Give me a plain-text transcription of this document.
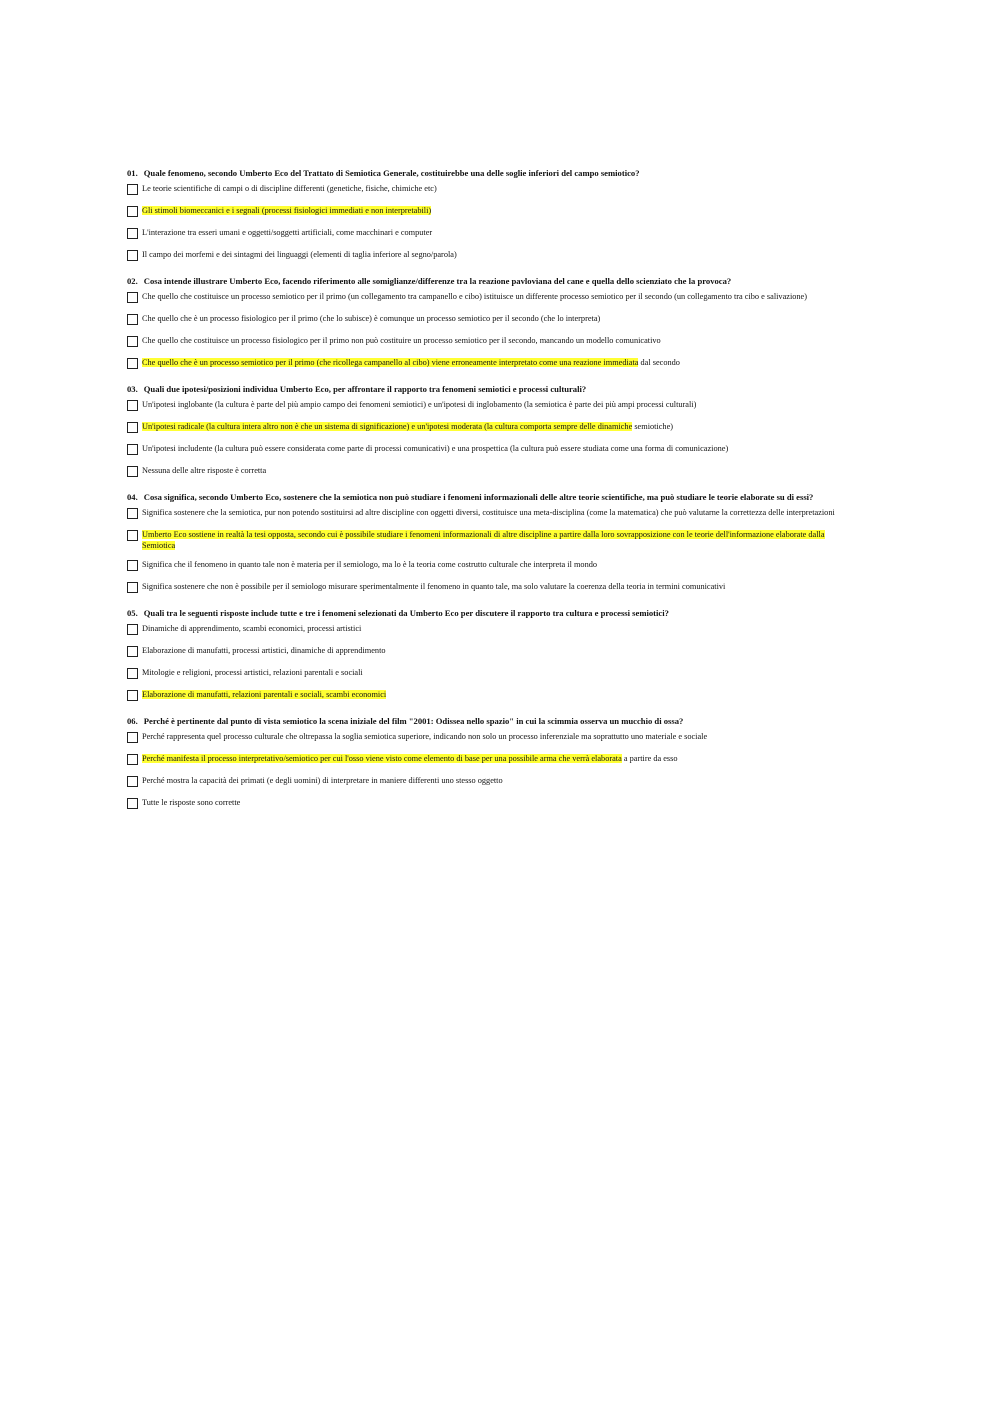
01. Quale fenomeno, secondo Umberto Eco del Trattato di Semiotica Generale, costituirebbe una delle soglie inferiori del campo semiotico?

Le teorie scientifiche di campi o di discipline differenti (genetiche, fisiche, chimiche etc)
Gli stimoli biomeccanici e i segnali (processi fisiologici immediati e non interpretabili)
L'interazione tra esseri umani e oggetti/soggetti artificiali, come macchinari e computer
Il campo dei morfemi e dei sintagmi dei linguaggi (elementi di taglia inferiore al segno/parola)

02. Cosa intende illustrare Umberto Eco, facendo riferimento alle somiglianze/differenze tra la reazione pavloviana del cane e quella dello scienziato che la provoca?

Che quello che costituisce un processo semiotico per il primo (un collegamento tra campanello e cibo) istituisce un differente processo semiotico per il secondo (un collegamento tra cibo e salivazione)
Che quello che è un processo fisiologico per il primo (che lo subisce) è comunque un processo semiotico per il secondo (che lo interpreta)
Che quello che costituisce un processo fisiologico per il primo non può costituire un processo semiotico per il secondo, mancando un modello comunicativo
Che quello che è un processo semiotico per il primo (che ricollega campanello al cibo) viene erroneamente interpretato come una reazione immediata dal secondo

03. Quali due ipotesi/posizioni individua Umberto Eco, per affrontare il rapporto tra fenomeni semiotici e processi culturali?

Un'ipotesi inglobante (la cultura è parte del più ampio campo dei fenomeni semiotici) e un'ipotesi di inglobamento (la semiotica è parte dei più ampi processi culturali)
Un'ipotesi radicale (la cultura intera altro non è che un sistema di significazione) e un'ipotesi moderata (la cultura comporta sempre delle dinamiche semiotiche)
Un'ipotesi includente (la cultura può essere considerata come parte di processi comunicativi) e una prospettica (la cultura può essere studiata come una forma di comunicazione)
Nessuna delle altre risposte è corretta

04. Cosa significa, secondo Umberto Eco, sostenere che la semiotica non può studiare i fenomeni informazionali delle altre teorie scientifiche, ma può studiare le teorie elaborate su di essi?

Significa sostenere che la semiotica, pur non potendo sostituirsi ad altre discipline con oggetti diversi, costituisce una meta-disciplina (come la matematica) che può valutarne la correttezza delle interpretazioni
Umberto Eco sostiene in realtà la tesi opposta, secondo cui è possibile studiare i fenomeni informazionali di altre discipline a partire dalla loro sovrapposizione con le teorie dell'informazione elaborate dalla Semiotica
Significa che il fenomeno in quanto tale non è materia per il semiologo, ma lo è la teoria come costrutto culturale che interpreta il mondo
Significa sostenere che non è possibile per il semiologo misurare sperimentalmente il fenomeno in quanto tale, ma solo valutare la coerenza della teoria in termini comunicativi

05. Quali tra le seguenti risposte include tutte e tre i fenomeni selezionati da Umberto Eco per discutere il rapporto tra cultura e processi semiotici?

Dinamiche di apprendimento, scambi economici, processi artistici
Elaborazione di manufatti, processi artistici, dinamiche di apprendimento
Mitologie e religioni, processi artistici, relazioni parentali e sociali
Elaborazione di manufatti, relazioni parentali e sociali, scambi economici

06. Perché è pertinente dal punto di vista semiotico la scena iniziale del film "2001: Odissea nello spazio" in cui la scimmia osserva un mucchio di ossa?

Perché rappresenta quel processo culturale che oltrepassa la soglia semiotica superiore, indicando non solo un processo inferenziale ma soprattutto uno materiale e sociale
Perché manifesta il processo interpretativo/semiotico per cui l'osso viene visto come elemento di base per una possibile arma che verrà elaborata a partire da esso
Perché mostra la capacità dei primati (e degli uomini) di interpretare in maniere differenti uno stesso oggetto
Tutte le risposte sono corrette
